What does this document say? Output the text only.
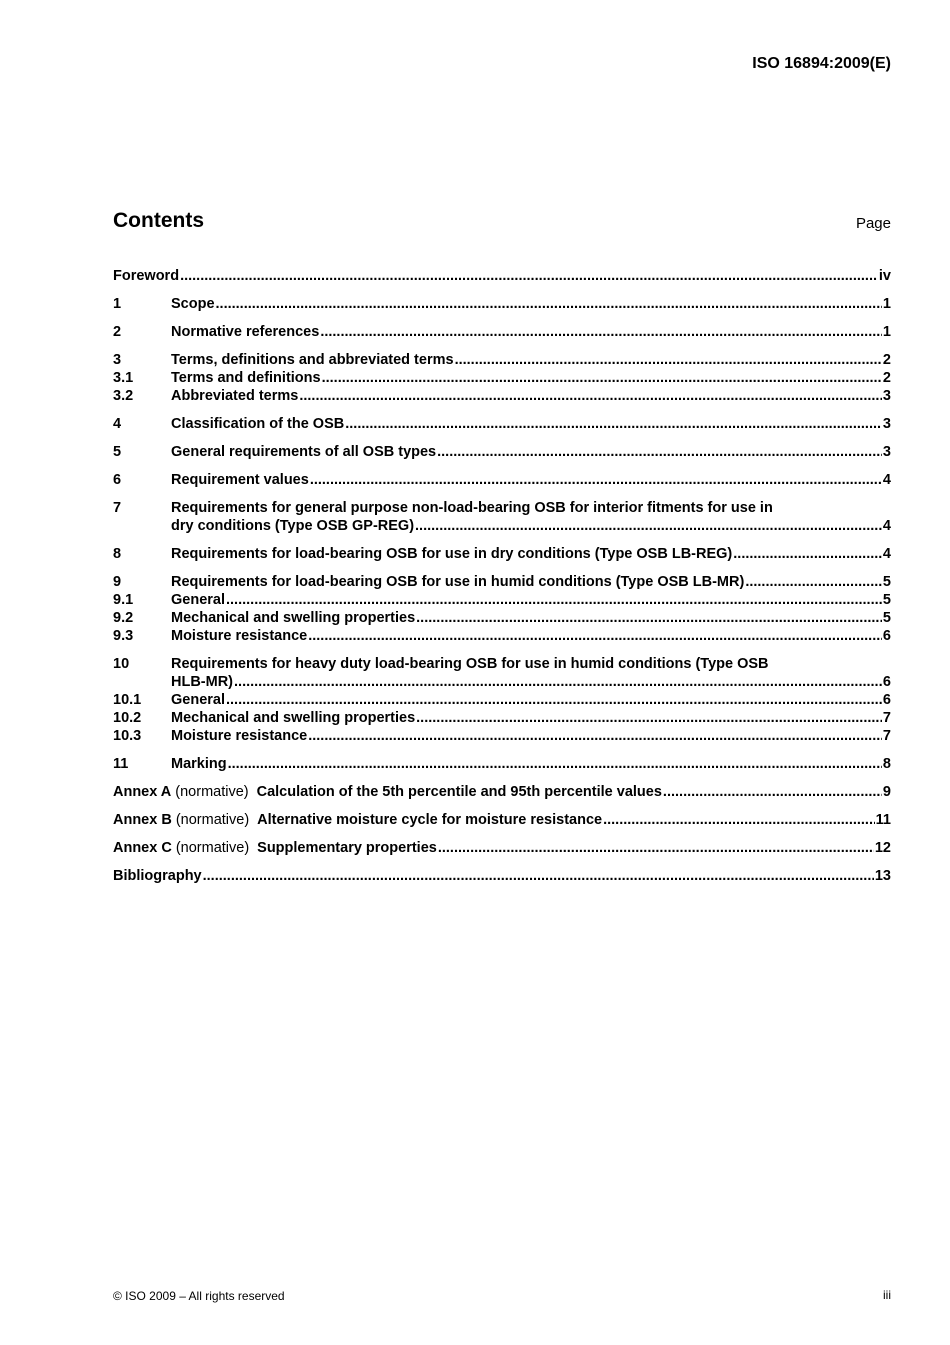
ISO 16894:2009(E)
Contents	Page
Foreword .....	iv
1	Scope .....	1
2	Normative references .....	1
3	Terms, definitions and abbreviated terms .....	2
3.1	Terms and definitions .....	2
3.2	Abbreviated terms .....	3
4	Classification of the OSB .....	3
5	General requirements of all OSB types .....	3
6	Requirement values .....	4
7	Requirements for general purpose non-load-bearing OSB for interior fitments for use in
dry conditions (Type OSB GP-REG) .....	4
8	Requirements for load-bearing OSB for use in dry conditions (Type OSB LB-REG) .....	4
9	Requirements for load-bearing OSB for use in humid conditions (Type OSB LB-MR) .....	5
9.1	General .....	5
9.2	Mechanical and swelling properties .....	5
9.3	Moisture resistance .....	6
10	Requirements for heavy duty load-bearing OSB for use in humid conditions (Type OSB
HLB-MR) .....	6
10.1	General .....	6
10.2	Mechanical and swelling properties .....	7
10.3	Moisture resistance .....	7
11	Marking .....	8
Annex A (normative) Calculation of the 5th percentile and 95th percentile values .....	9
Annex B (normative) Alternative moisture cycle for moisture resistance .....	11
Annex C (normative) Supplementary properties .....	12
Bibliography .....	13
© ISO 2009 – All rights reserved	iii
